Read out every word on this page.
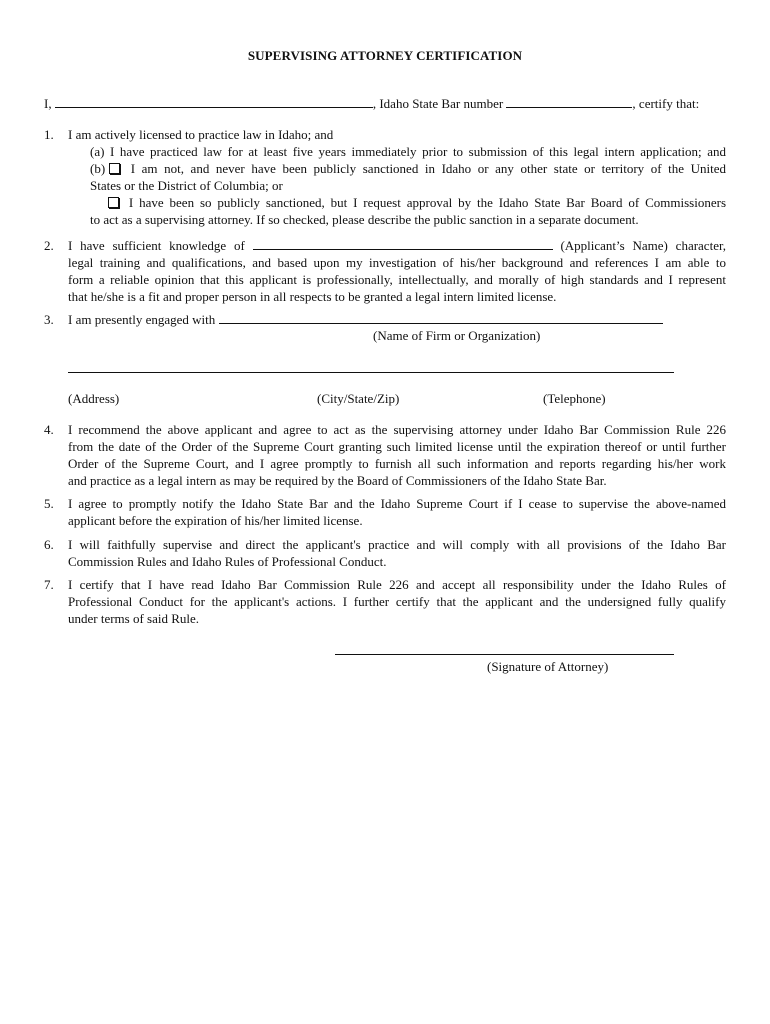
SUPERVISING ATTORNEY CERTIFICATION
I,	, Idaho State Bar number	, certify that:
1. I am actively licensed to practice law in Idaho; and
(a) I have practiced law for at least five years immediately prior to submission of this legal intern application; and
(b) I am not, and never have been publicly sanctioned in Idaho or any other state or territory of the United
States or the District of Columbia; or
I have been so publicly sanctioned, but I request approval by the Idaho State Bar Board of Commissioners
to act as a supervising attorney. If so checked, please describe the public sanction in a separate document.
2. I have sufficient knowledge of	(Applicant’s Name) character,
legal training and qualifications, and based upon my investigation of his/her background and references I am able to
form a reliable opinion that this applicant is professionally, intellectually, and morally of high standards and I represent
that he/she is a fit and proper person in all respects to be granted a legal intern limited license.
3. I am presently engaged with
(Name of Firm or Organization)
(Address)	(City/State/Zip)	(Telephone)
4. I recommend the above applicant and agree to act as the supervising attorney under Idaho Bar Commission Rule 226
from the date of the Order of the Supreme Court granting such limited license until the expiration thereof or until further
Order of the Supreme Court, and I agree promptly to furnish all such information and reports regarding his/her work
and practice as a legal intern as may be required by the Board of Commissioners of the Idaho State Bar.
5. I agree to promptly notify the Idaho State Bar and the Idaho Supreme Court if I cease to supervise the above-named
applicant before the expiration of his/her limited license.
6. I will faithfully supervise and direct the applicant's practice and will comply with all provisions of the Idaho Bar
Commission Rules and Idaho Rules of Professional Conduct.
7. I certify that I have read Idaho Bar Commission Rule 226 and accept all responsibility under the Idaho Rules of
Professional Conduct for the applicant's actions. I further certify that the applicant and the undersigned fully qualify
under terms of said Rule.
(Signature of Attorney)
